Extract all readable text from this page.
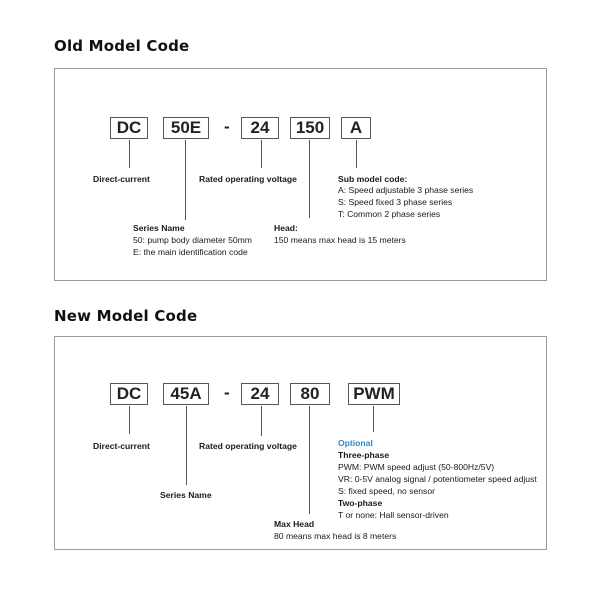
Old Model Code
DC	50E	-	24	150	A
Direct-current	Rated operating voltage	Sub model code:
A: Speed adjustable 3 phase series
S: Speed fixed 3 phase series
T: Common 2 phase series
Series Name
50: pump body diameter 50mm
E: the main identification code
Head:
150 means max head is 15 meters
New Model Code
DC	45A	-	24	80	PWM
Direct-current	Rated operating voltage	Optional
Three-phase
PWM: PWM speed adjust (50-800Hz/5V)
VR: 0-5V analog signal / potentiometer speed adjust
S: fixed speed, no sensor
Two-phase
T or none: Hall sensor-driven
Series Name
Max Head
80 means max head is 8 meters
